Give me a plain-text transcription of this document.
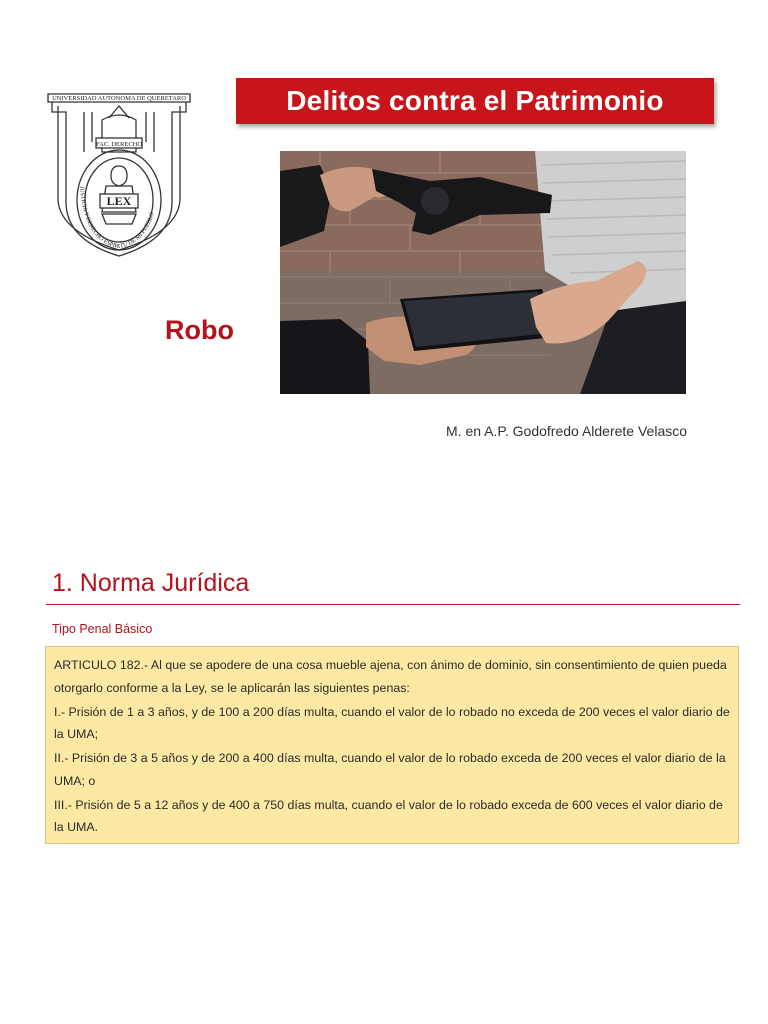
UNIVERSIDAD AUTONOMA DE QUERETARO
FAC. DERECHO
LEX
JUSTICIA Y DERECHO ESPIRITU DE MI PUEBLO
Delitos contra el Patrimonio
Robo
M. en A.P. Godofredo Alderete Velasco
1. Norma Jurídica
Tipo Penal Básico

ARTICULO 182.- Al que se apodere de una cosa mueble ajena, con ánimo de dominio, sin consentimiento de quien pueda otorgarlo conforme a la Ley, se le aplicarán las siguientes penas:

I.- Prisión de 1 a 3 años, y de 100 a 200 días multa, cuando el valor de lo robado no exceda de 200 veces el valor diario de la UMA;

II.- Prisión de 3 a 5 años y de 200 a 400 días multa, cuando el valor de lo robado exceda de 200 veces el valor diario de la UMA; o

III.- Prisión de 5 a 12 años y de 400 a 750 días multa, cuando el valor de lo robado exceda de 600 veces el valor diario de la UMA.
